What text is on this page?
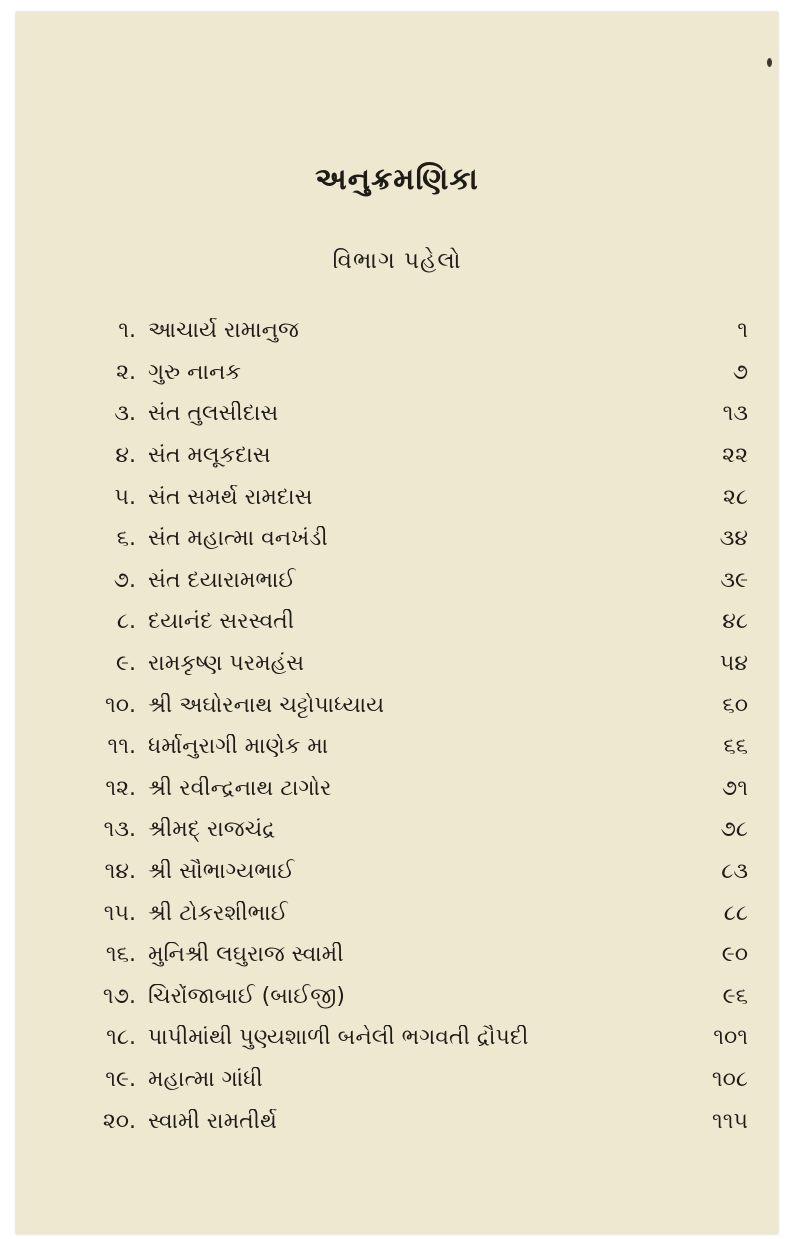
અનુક્રમણિકા
વિભાગ પહેલો
૧. આચાર્ય રામાનુજ	૧
૨. ગુરુ નાનક	૭
૩. સંત તુલસીદાસ	૧૩
૪. સંત મલૂકદાસ	૨૨
૫. સંત સમર્થ રામદાસ	૨૮
૬. સંત મહાત્મા વનખંડી	૩૪
૭. સંત દયારામભાઈ	૩૯
૮. દયાનંદ સરસ્વતી	૪૮
૯. રામકૃષ્ણ પરમહંસ	૫૪
૧૦. શ્રી અઘોરનાથ ચટ્ટોપાધ્યાય	૬૦
૧૧. ધર્માનુરાગી માણેક મા	૬૬
૧૨. શ્રી રવીન્દ્રનાથ ટાગોર	૭૧
૧૩. શ્રીમદ્ રાજચંદ્ર	૭૮
૧૪. શ્રી સૌભાગ્યભાઈ	૮૩
૧૫. શ્રી ટોકરશીભાઈ	૮૮
૧૬. મુનિશ્રી લઘુરાજ સ્વામી	૯૦
૧૭. ચિરોંજાબાઈ (બાઈજી)	૯૬
૧૮. પાપીમાંથી પુણ્યશાળી બનેલી ભગવતી દ્રૌપદી	૧૦૧
૧૯. મહાત્મા ગાંધી	૧૦૮
૨૦. સ્વામી રામતીર્થ	૧૧૫
